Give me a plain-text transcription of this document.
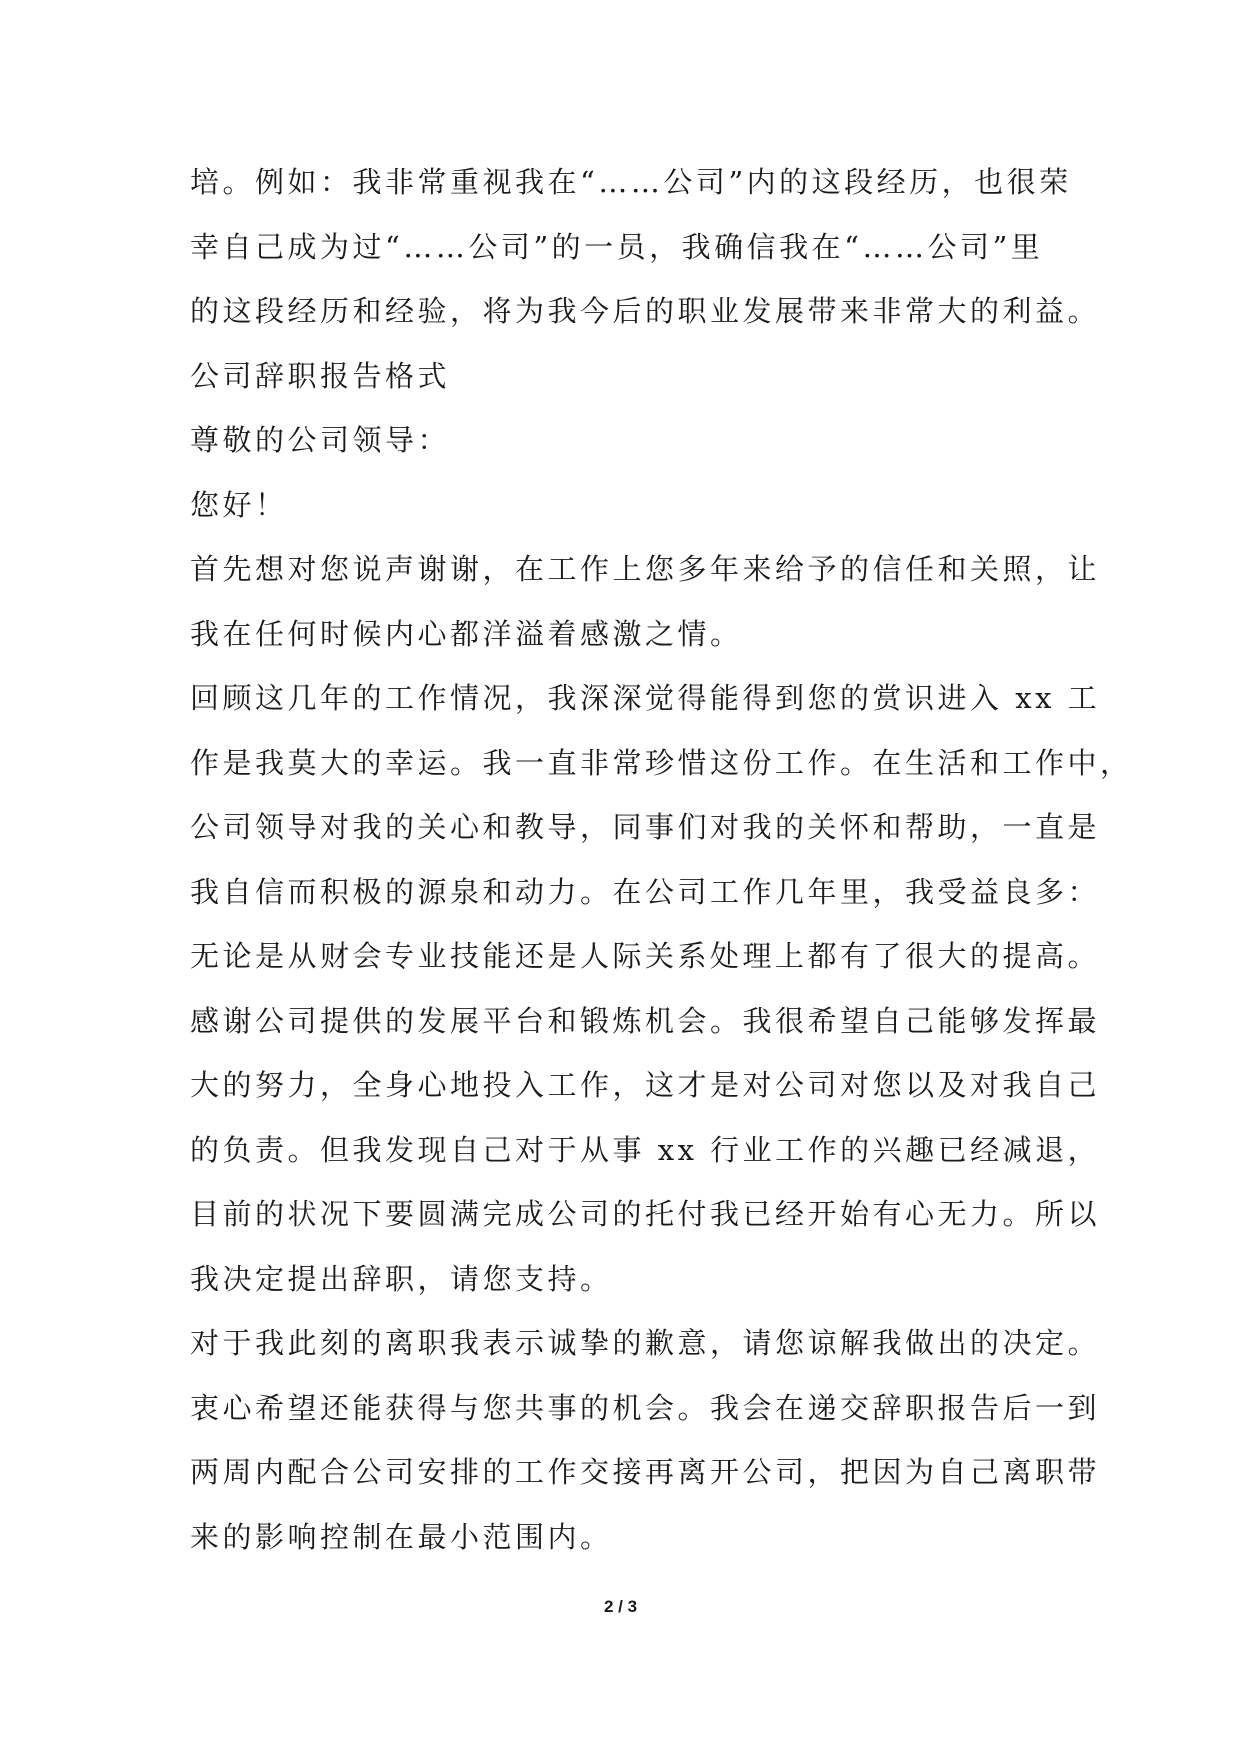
培。例如：我非常重视我在“……公司”内的这段经历，也很荣
幸自己成为过“……公司”的一员，我确信我在“……公司”里
的这段经历和经验，将为我今后的职业发展带来非常大的利益。
公司辞职报告格式
尊敬的公司领导：
您好！
首先想对您说声谢谢，在工作上您多年来给予的信任和关照，让
我在任何时候内心都洋溢着感激之情。
回顾这几年的工作情况，我深深觉得能得到您的赏识进入 xx 工
作是我莫大的幸运。我一直非常珍惜这份工作。在生活和工作中，
公司领导对我的关心和教导，同事们对我的关怀和帮助，一直是
我自信而积极的源泉和动力。在公司工作几年里，我受益良多：
无论是从财会专业技能还是人际关系处理上都有了很大的提高。
感谢公司提供的发展平台和锻炼机会。我很希望自己能够发挥最
大的努力，全身心地投入工作，这才是对公司对您以及对我自己
的负责。但我发现自己对于从事 xx 行业工作的兴趣已经减退，
目前的状况下要圆满完成公司的托付我已经开始有心无力。所以
我决定提出辞职，请您支持。
对于我此刻的离职我表示诚挚的歉意，请您谅解我做出的决定。
衷心希望还能获得与您共事的机会。我会在递交辞职报告后一到
两周内配合公司安排的工作交接再离开公司，把因为自己离职带
来的影响控制在最小范围内。
2 / 3
